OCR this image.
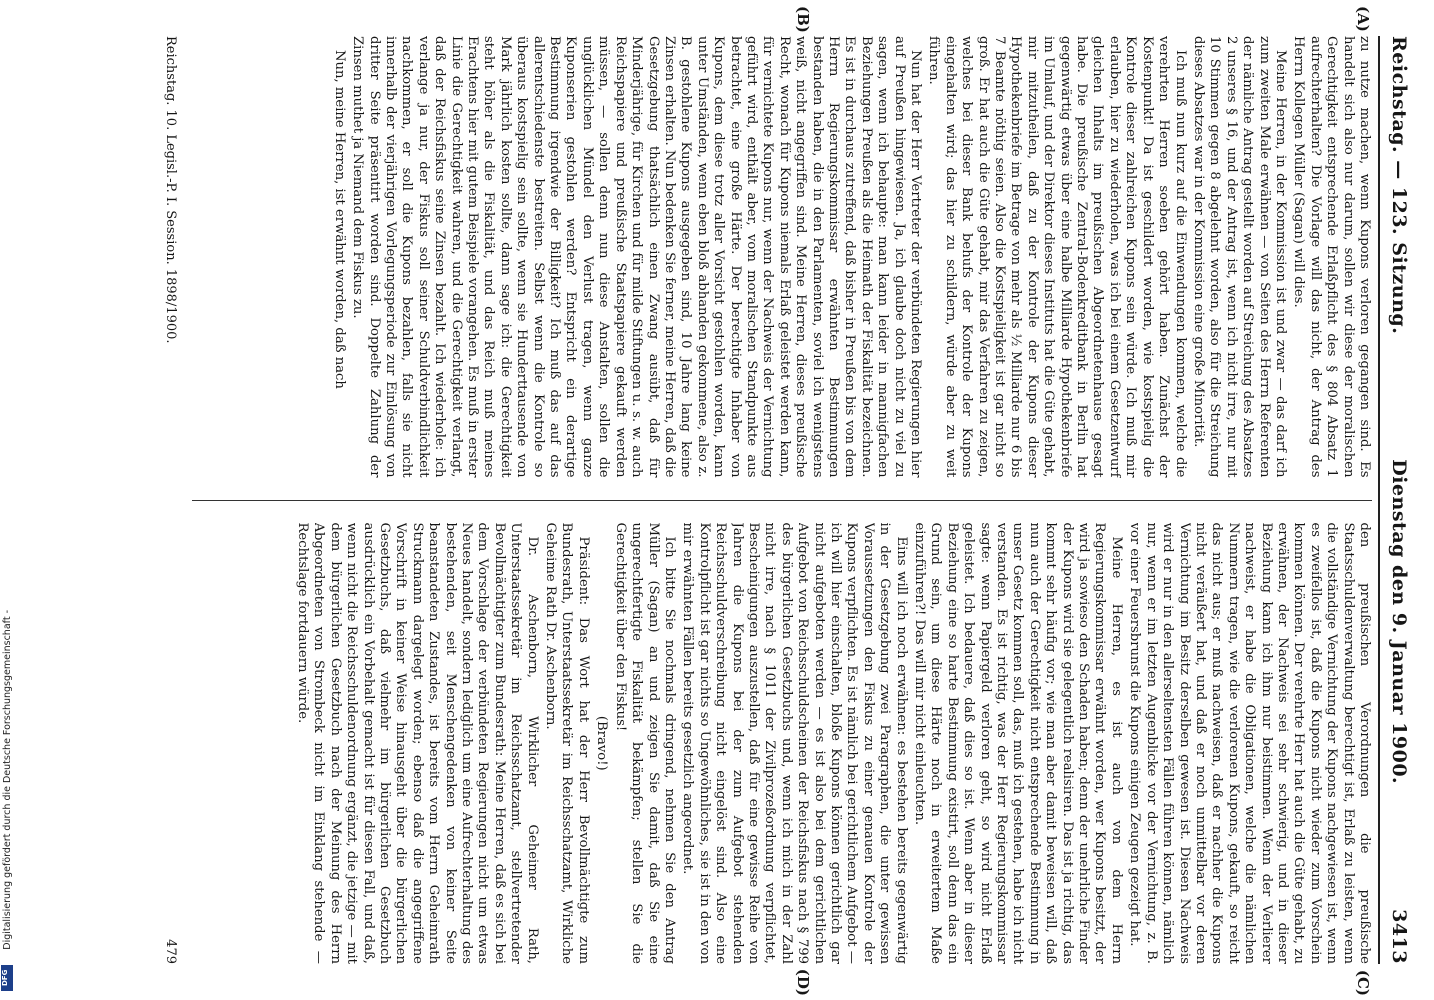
Reichstag. — 123. Sitzung.
Dienstag den 9. Januar 1900.
3413
(A)
(B)
(C)
(D)

zu nutze machen, wenn Kupons verloren gegangen sind. Es handelt sich also nur darum, sollen wir diese der moralischen Gerechtigkeit entsprechende Erlaßpflicht des § 804 Absatz 1 aufrechterhalten? Die Vorlage will das nicht, der Antrag des Herrn Kollegen Müller (Sagan) will dies.

Meine Herren, in der Kommission ist und zwar — das darf ich zum zweiten Male erwähnen — von Seiten des Herrn Referenten der nämliche Antrag gestellt worden auf Streichung des Absatzes 2 unseres § 16, und der Antrag ist, wenn ich nicht irre, nur mit 10 Stimmen gegen 8 abgelehnt worden, also für die Streichung dieses Absatzes war in der Kommission eine große Minorität.

Ich muß nun kurz auf die Einwendungen kommen, welche die verehrten Herren soeben gehört haben. Zunächst der Kostenpunkt! Da ist geschildert worden, wie kostspielig die Kontrole dieser zahlreichen Kupons sein würde. Ich muß mir erlauben, hier zu wiederholen, was ich bei einem Gesetzentwurf gleichen Inhalts im preußischen Abgeordnetenhause gesagt habe. Die preußische Zentral-Bodenkreditbank in Berlin hat gegenwärtig etwas über eine halbe Milliarde Hypothekenbriefe im Umlauf, und der Direktor dieses Instituts hat die Güte gehabt, mir mitzutheilen, daß zu der Kontrole der Kupons dieser Hypothekenbriefe im Betrage von mehr als ½ Milliarde nur 6 bis 7 Beamte nöthig seien. Also die Kostspieligkeit ist gar nicht so groß. Er hat auch die Güte gehabt, mir das Verfahren zu zeigen, welches bei dieser Bank behufs der Kontrole der Kupons eingehalten wird; das hier zu schildern, würde aber zu weit führen.

Nun hat der Herr Vertreter der verbündeten Regierungen hier auf Preußen hingewiesen. Ja, ich glaube doch nicht zu viel zu sagen, wenn ich behaupte: man kann leider in mannigfachen Beziehungen Preußen als die Heimath der Fiskalität bezeichnen. Es ist in durchaus zutreffend, daß bisher in Preußen bis von dem Herrn Regierungskommissar erwähnten Bestimmungen bestanden haben, die in den Parlamenten, soviel ich wenigstens weiß, nicht angegriffen sind. Meine Herren, dieses preußische Recht, wonach für Kupons niemals Erlaß geleistet werden kann, für vernichtete Kupons nur, wenn der Nachweis der Vernichtung geführt wird, enthält aber, vom moralischen Standpunkte aus betrachtet, eine große Härte. Der berechtigte Inhaber von Kupons, dem diese trotz aller Vorsicht gestohlen worden, kann unter Umständen, wenn eben bloß abhanden gekommene, also z. B. gestohlene Kupons ausgegeben sind, 10 Jahre lang keine Zinsen erhalten. Nun bedenken Sie ferner, meine Herren, daß die Gesetzgebung thatsächlich einen Zwang ausübt, daß für Minderjährige, für Kirchen und für milde Stiftungen u. s. w. auch Reichspapiere und preußische Staatspapiere gekauft werden müssen, — sollen denn nun diese Anstalten, sollen die unglücklichen Mündel den Verlust tragen, wenn ganze Kuponserien gestohlen werden? Entspricht ein derartige Bestimmung irgendwie der Billigkeit? Ich muß das auf das allerentschiedenste bestreiten. Selbst wenn die Kontrole so überaus kostspielig sein sollte, wenn sie Hunderttausende von Mark jährlich kosten sollte, dann sage ich: die Gerechtigkeit steht höher als die Fiskalität, und das Reich muß meines Erachtens hier mit gutem Beispiele vorangehen. Es muß in erster Linie die Gerechtigkeit wahren, und die Gerechtigkeit verlangt, daß der Reichsfiskus seine Zinsen bezahlt. Ich wiederhole: ich verlange ja nur, der Fiskus soll seiner Schuldverbindlichkeit nachkommen, er soll die Kupons bezahlen, falls sie nicht innerhalb der vierjährigen Vorlegungsperiode zur Einlösung von dritter Seite präsentirt worden sind. Doppelte Zahlung der Zinsen muthet ja Niemand dem Fiskus zu.

Nun, meine Herren, ist erwähnt worden, daß nach

den preußischen Verordnungen die preußische Staatsschuldenverwaltung berechtigt ist, Erlaß zu leisten, wenn die vollständige Vernichtung der Kupons nachgewiesen ist, wenn es zweifellos ist, daß die Kupons nicht wieder zum Vorschein kommen können. Der verehrte Herr hat auch die Güte gehabt, zu erwähnen, der Nachweis sei sehr schwierig, und in dieser Beziehung kann ich ihm nur beistimmen. Wenn der Verlierer nachweist, er habe die Obligationen, welche die nämlichen Nummern tragen, wie die verlorenen Kupons, gekauft, so reicht das nicht aus; er muß nachweisen, daß er nachher die Kupons nicht veräußert hat, und daß er noch unmittelbar vor deren Vernichtung im Besitz derselben gewesen ist. Diesen Nachweis wird er nur in den allerseltensten Fällen führen können, nämlich nur, wenn er im letzten Augenblicke vor der Vernichtung, z. B. vor einer Feuersbrunst die Kupons einigen Zeugen gezeigt hat.

Meine Herren, es ist auch von dem Herrn Regierungskommissar erwähnt worden, wer Kupons besitzt, der wird ja sowieso den Schaden haben; denn der unehrliche Finder der Kupons wird sie gelegentlich realisiren. Das ist ja richtig, das kommt sehr häufig vor; wie man aber damit beweisen will, daß nun auch der Gerechtigkeit nicht entsprechende Bestimmung in unser Gesetz kommen soll, das, muß ich gestehen, habe ich nicht verstanden. Es ist richtig, was der Herr Regierungskommissar sagte: wenn Papiergeld verloren geht, so wird nicht Erlaß geleistet. Ich bedauere, daß dies so ist. Wenn aber in dieser Beziehung eine so harte Bestimmung existirt, soll denn das ein Grund sein, um diese Härte noch in erweitertem Maße einzuführen?! Das will mir nicht einleuchten.

Eins will ich noch erwähnen: es bestehen bereits gegenwärtig in der Gesetzgebung zwei Paragraphen, die unter gewissen Voraussetzungen den Fiskus zu einer genauen Kontrole der Kupons verpflichten. Es ist nämlich bei gerichtlichem Aufgebot — ich will hier einschalten, bloße Kupons können gerichtlich gar nicht aufgeboten werden — es ist also bei dem gerichtlichen Aufgebot von Reichsschuldscheinen der Reichsfiskus nach § 799 des bürgerlichen Gesetzbuchs und, wenn ich mich in der Zahl nicht irre, nach § 1011 der Zivilprozeßordnung verpflichtet, Bescheinigungen auszustellen, daß für eine gewisse Reihe von Jahren die Kupons bei der zum Aufgebot stehenden Reichsschuldverschreibung nicht eingelöst sind. Also eine Kontrolpflicht ist gar nichts so Ungewöhnliches, sie ist in den von mir erwähnten Fällen bereits gesetzlich angeordnet.

Ich bitte Sie nochmals dringend, nehmen Sie den Antrag Müller (Sagan) an und zeigen Sie damit, daß Sie eine ungerechtfertigte Fiskalität bekämpfen; stellen Sie die Gerechtigkeit über den Fiskus!

(Bravo!)

Präsident: Das Wort hat der Herr Bevollmächtigte zum Bundesrath, Unterstaatssekretär im Reichsschatzamt, Wirkliche Geheime Rath Dr. Aschenborn.

Dr. Aschenborn, Wirklicher Geheimer Rath, Unterstaatssekretär im Reichsschatzamt, stellvertretender Bevollmächtigter zum Bundesrath: Meine Herren, daß es sich bei dem Vorschlage der verbündeten Regierungen nicht um etwas Neues handelt, sondern lediglich um eine Aufrechterhaltung des bestehenden, seit Menschengedenken von keiner Seite beanstandeten Zustandes, ist bereits vom Herrn Geheimrath Struckmann dargelegt worden; ebenso daß die angegriffene Vorschrift in keiner Weise hinausgeht über die bürgerlichen Gesetzbuchs, daß vielmehr im bürgerlichen Gesetzbuch ausdrücklich ein Vorbehalt gemacht ist für diesen Fall, und daß, wenn nicht die Reichsschuldenordnung ergänzt, die jetzige — mit dem bürgerlichen Gesetzbuch nach der Meinung des Herrn Abgeordneten von Strombeck nicht im Einklang stehende — Rechtslage fortdauern würde.

Reichstag. 10. Legisl.-P. I. Session. 1898/1900.
479
Digitalisierung gefördert durch die Deutsche Forschungsgemeinschaft -
DFG
